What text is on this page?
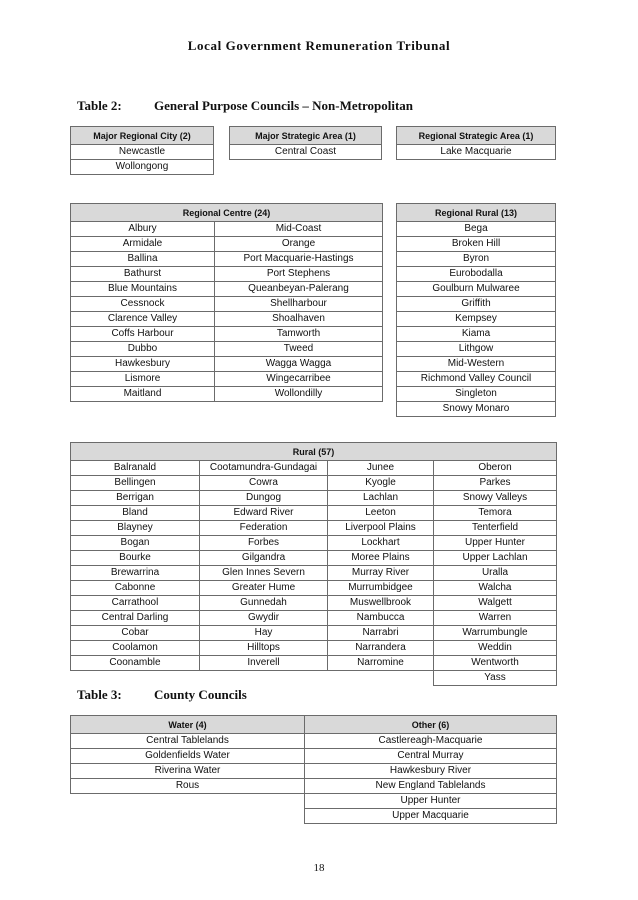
Local Government Remuneration Tribunal
Table 2: General Purpose Councils – Non-Metropolitan
Major Regional City (2)
Newcastle
Wollongong
Major Strategic Area (1)
Central Coast
Regional Strategic Area (1)
Lake Macquarie
Regional Centre (24)	
Albury	Mid-Coast
Armidale	Orange
Ballina	Port Macquarie-Hastings
Bathurst	Port Stephens
Blue Mountains	Queanbeyan-Palerang
Cessnock	Shellharbour
Clarence Valley	Shoalhaven
Coffs Harbour	Tamworth
Dubbo	Tweed
Hawkesbury	Wagga Wagga
Lismore	Wingecarribee
Maitland	Wollondilly
Regional Rural (13)
Bega
Broken Hill
Byron
Eurobodalla
Goulburn Mulwaree
Griffith
Kempsey
Kiama
Lithgow
Mid-Western
Richmond Valley Council
Singleton
Snowy Monaro
Rural (57)			
Balranald	Cootamundra-Gundagai	Junee	Oberon
Bellingen	Cowra	Kyogle	Parkes
Berrigan	Dungog	Lachlan	Snowy Valleys
Bland	Edward River	Leeton	Temora
Blayney	Federation	Liverpool Plains	Tenterfield
Bogan	Forbes	Lockhart	Upper Hunter
Bourke	Gilgandra	Moree Plains	Upper Lachlan
Brewarrina	Glen Innes Severn	Murray River	Uralla
Cabonne	Greater Hume	Murrumbidgee	Walcha
Carrathool	Gunnedah	Muswellbrook	Walgett
Central Darling	Gwydir	Nambucca	Warren
Cobar	Hay	Narrabri	Warrumbungle
Coolamon	Hilltops	Narrandera	Weddin
Coonamble	Inverell	Narromine	Wentworth
			Yass
Table 3: County Councils
Water (4)	Other (6)
Central Tablelands	Castlereagh-Macquarie
Goldenfields Water	Central Murray
Riverina Water	Hawkesbury River
Rous	New England Tablelands
	Upper Hunter
	Upper Macquarie
18
